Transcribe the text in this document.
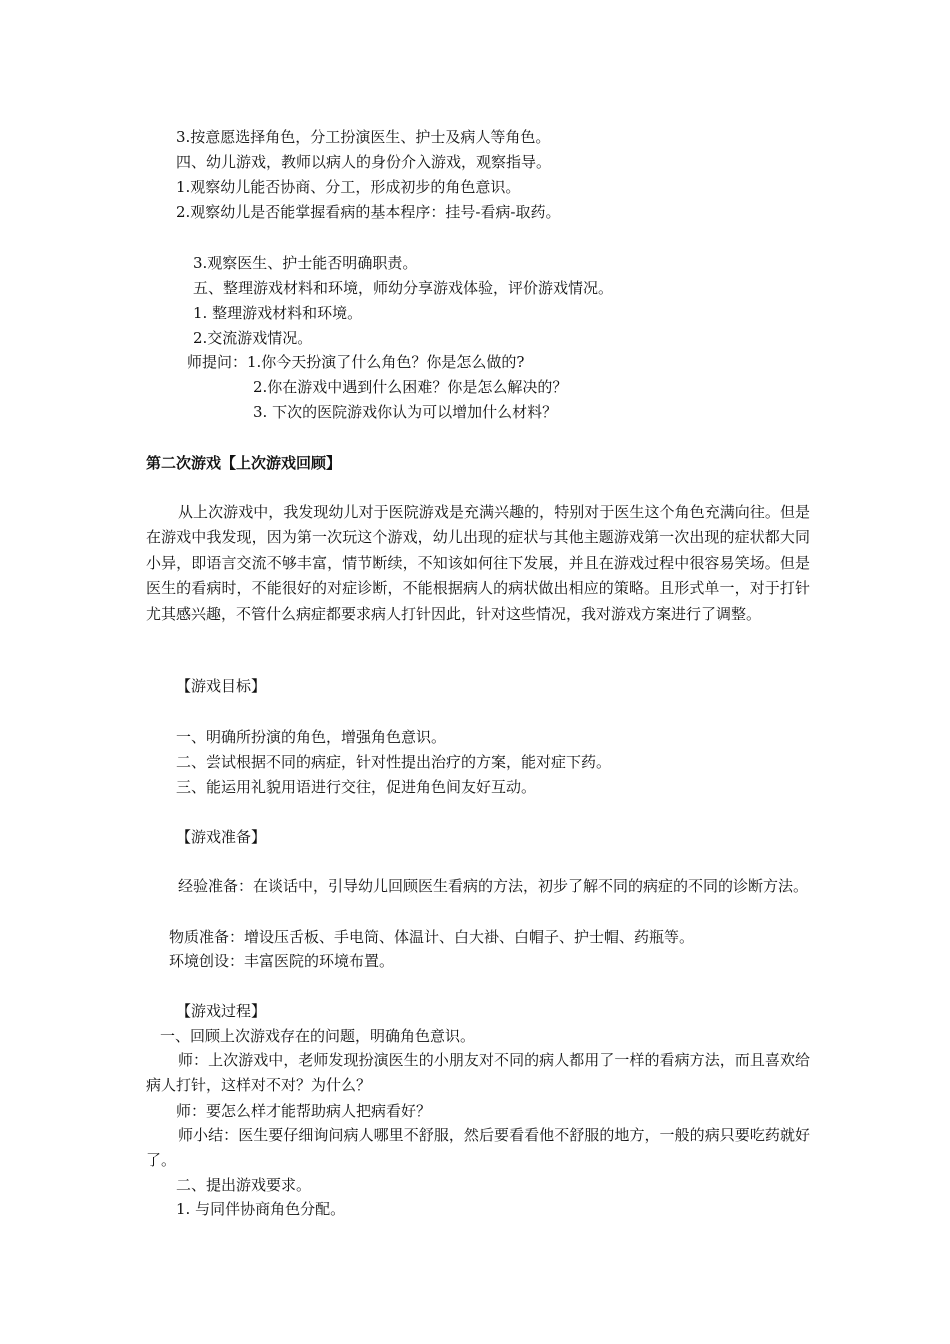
3.按意愿选择角色，分工扮演医生、护士及病人等角色。
四、幼儿游戏，教师以病人的身份介入游戏，观察指导。
1.观察幼儿能否协商、分工，形成初步的角色意识。
2.观察幼儿是否能掌握看病的基本程序：挂号-看病-取药。
3.观察医生、护士能否明确职责。
五、整理游戏材料和环境，师幼分享游戏体验，评价游戏情况。
1. 整理游戏材料和环境。
2.交流游戏情况。
师提问：1.你今天扮演了什么角色？你是怎么做的?
2.你在游戏中遇到什么困难？你是怎么解决的？
3. 下次的医院游戏你认为可以增加什么材料？
第二次游戏【上次游戏回顾】
从上次游戏中，我发现幼儿对于医院游戏是充满兴趣的，特别对于医生这个角色充满向往。但是在游戏中我发现，因为第一次玩这个游戏，幼儿出现的症状与其他主题游戏第一次出现的症状都大同小异，即语言交流不够丰富，情节断续，不知该如何往下发展，并且在游戏过程中很容易笑场。但是医生的看病时，不能很好的对症诊断，不能根据病人的病状做出相应的策略。且形式单一，对于打针尤其感兴趣，不管什么病症都要求病人打针因此，针对这些情况，我对游戏方案进行了调整。
【游戏目标】
一、明确所扮演的角色，增强角色意识。
二、尝试根据不同的病症，针对性提出治疗的方案，能对症下药。
三、能运用礼貌用语进行交往，促进角色间友好互动。
【游戏准备】
经验准备：在谈话中，引导幼儿回顾医生看病的方法，初步了解不同的病症的不同的诊断方法。
物质准备：增设压舌板、手电筒、体温计、白大褂、白帽子、护士帽、药瓶等。
环境创设：丰富医院的环境布置。
【游戏过程】
一、回顾上次游戏存在的问题，明确角色意识。
师：上次游戏中，老师发现扮演医生的小朋友对不同的病人都用了一样的看病方法，而且喜欢给病人打针，这样对不对？为什么？
师：要怎么样才能帮助病人把病看好？
师小结：医生要仔细询问病人哪里不舒服，然后要看看他不舒服的地方，一般的病只要吃药就好了。
二、提出游戏要求。
1. 与同伴协商角色分配。
